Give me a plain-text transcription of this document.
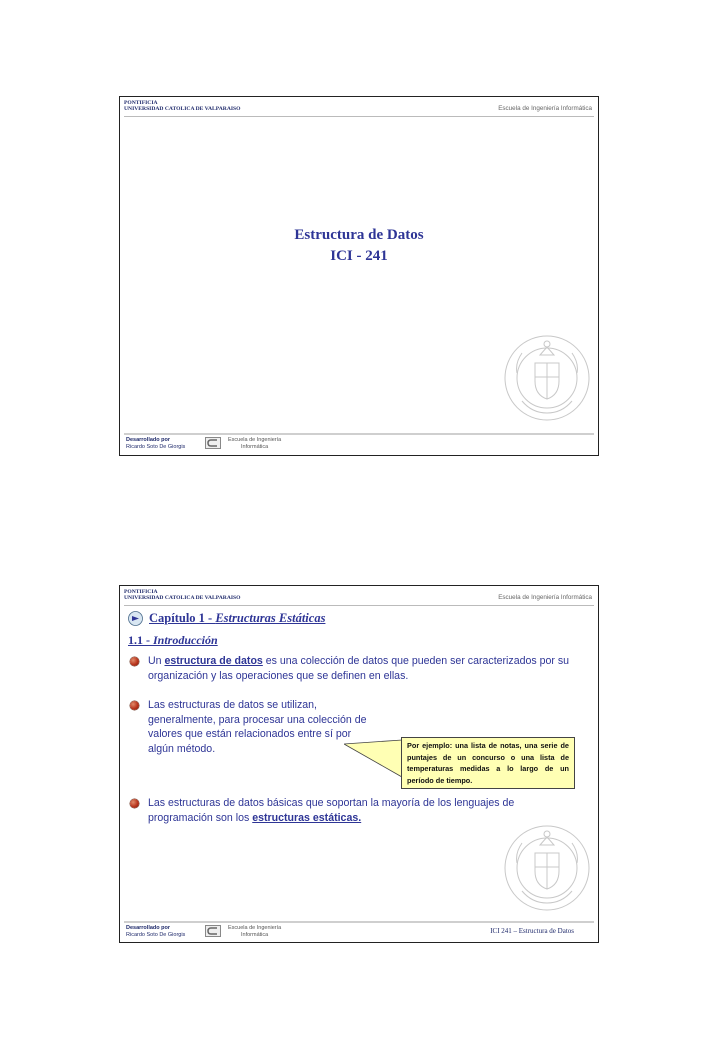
PONTIFICIA
UNIVERSIDAD CATOLICA DE VALPARAISO	Escuela de Ingeniería Informática
Estructura de Datos
ICI - 241
Desarrollado por
Ricardo Soto De Giorgis
Escuela de Ingeniería
Informática
PONTIFICIA
UNIVERSIDAD CATOLICA DE VALPARAISO	Escuela de Ingeniería Informática
Capítulo 1 - Estructuras Estáticas
1.1 - Introducción
Un estructura de datos es una colección de datos que pueden ser caracterizados por su organización y las operaciones que se definen en ellas.
Las estructuras de datos se utilizan, generalmente, para procesar una colección de valores que están relacionados entre sí por algún método.	Por ejemplo: una lista de notas, una serie de puntajes de un concurso o una lista de temperaturas medidas a lo largo de un período de tiempo.
Las estructuras de datos básicas que soportan la mayoría de los lenguajes de programación son los estructuras estáticas.
Desarrollado por
Ricardo Soto De Giorgis
Escuela de Ingeniería
Informática	ICI 241 – Estructura de Datos
